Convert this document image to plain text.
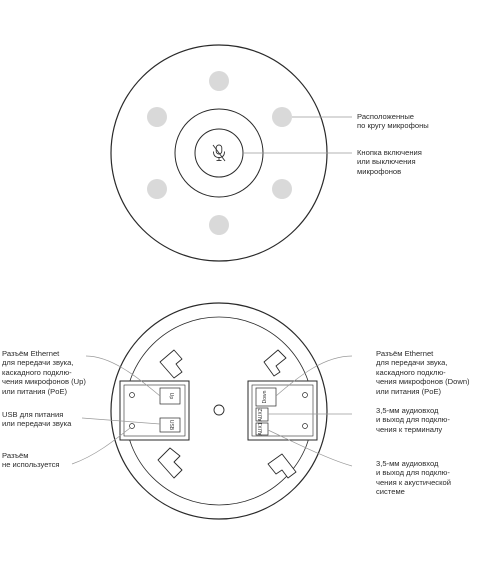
Up
USB
Down
AUX2
AUX1
Расположенные
по кругу микрофоны
Кнопка включения
или выключения
микрофонов
Разъём Ethernet
для передачи звука,
каскадного подклю-
чения микрофонов (Up)
или питания (PoE)
USB для питания
или передачи звука
Разъём
не используется
Разъём Ethernet
для передачи звука,
каскадного подклю-
чения микрофонов (Down)
или питания (PoE)
3,5-мм аудиовход
и выход для подклю-
чения к терминалу
3,5-мм аудиовход
и выход для подклю-
чения к акустической
системе
